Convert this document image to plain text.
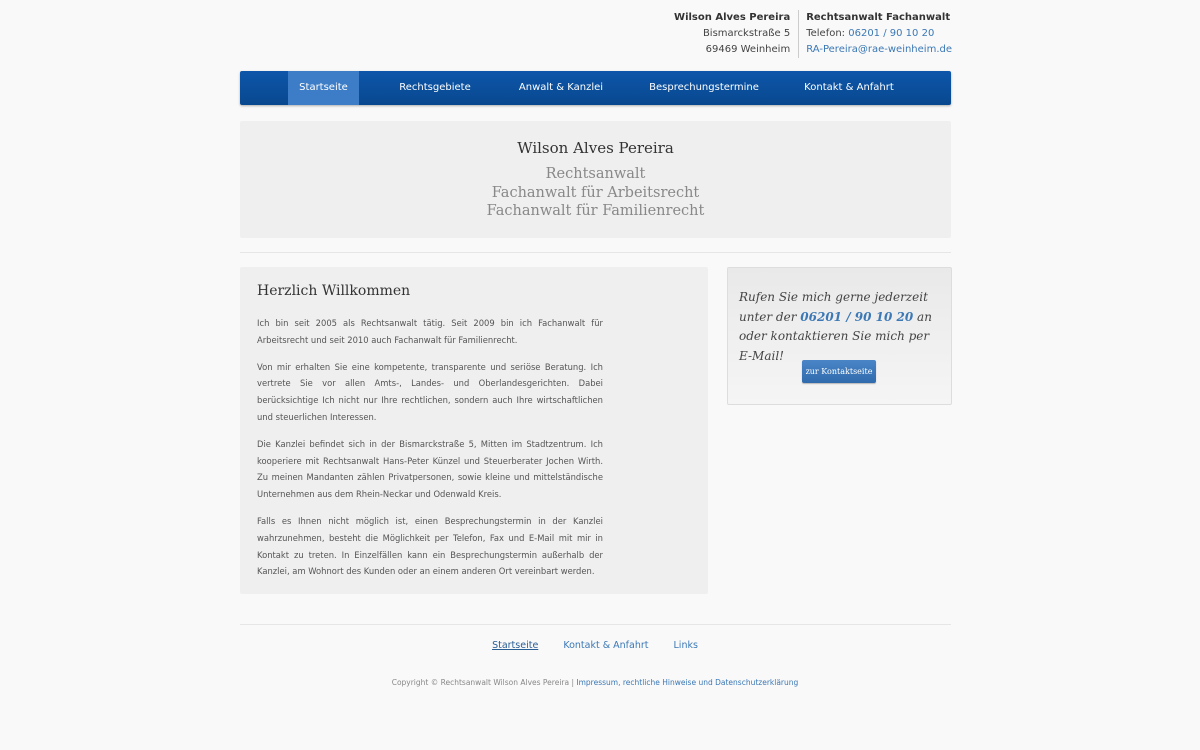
Wilson Alves Pereira
Bismarckstraße 5
69469 Weinheim
Rechtsanwalt Fachanwalt
Telefon: 06201 / 90 10 20
RA-Pereira@rae-weinheim.de
Startseite	Rechtsgebiete	Anwalt & Kanzlei	Besprechungstermine	Kontakt & Anfahrt
Wilson Alves Pereira
Rechtsanwalt
Fachanwalt für Arbeitsrecht
Fachanwalt für Familienrecht
Herzlich Willkommen

Ich bin seit 2005 als Rechtsanwalt tätig. Seit 2009 bin ich Fachanwalt für Arbeitsrecht und seit 2010 auch Fachanwalt für Familienrecht.

Von mir erhalten Sie eine kompetente, transparente und seriöse Beratung. Ich vertrete Sie vor allen Amts-, Landes- und Oberlandesgerichten. Dabei berücksichtige Ich nicht nur Ihre rechtlichen, sondern auch Ihre wirtschaftlichen und steuerlichen Interessen.

Die Kanzlei befindet sich in der Bismarckstraße 5, Mitten im Stadtzentrum. Ich kooperiere mit Rechtsanwalt Hans-Peter Künzel und Steuerberater Jochen Wirth. Zu meinen Mandanten zählen Privatpersonen, sowie kleine und mittelständische Unternehmen aus dem Rhein-Neckar und Odenwald Kreis.

Falls es Ihnen nicht möglich ist, einen Besprechungstermin in der Kanzlei wahrzunehmen, besteht die Möglichkeit per Telefon, Fax und E-Mail mit mir in Kontakt zu treten. In Einzelfällen kann ein Besprechungstermin außerhalb der Kanzlei, am Wohnort des Kunden oder an einem anderen Ort vereinbart werden.

Rufen Sie mich gerne jederzeit unter der 06201 / 90 10 20 an oder kontaktieren Sie mich per E-Mail!
zur Kontaktseite
Startseite	Kontakt & Anfahrt	Links
Copyright © Rechtsanwalt Wilson Alves Pereira | Impressum, rechtliche Hinweise und Datenschutzerklärung
